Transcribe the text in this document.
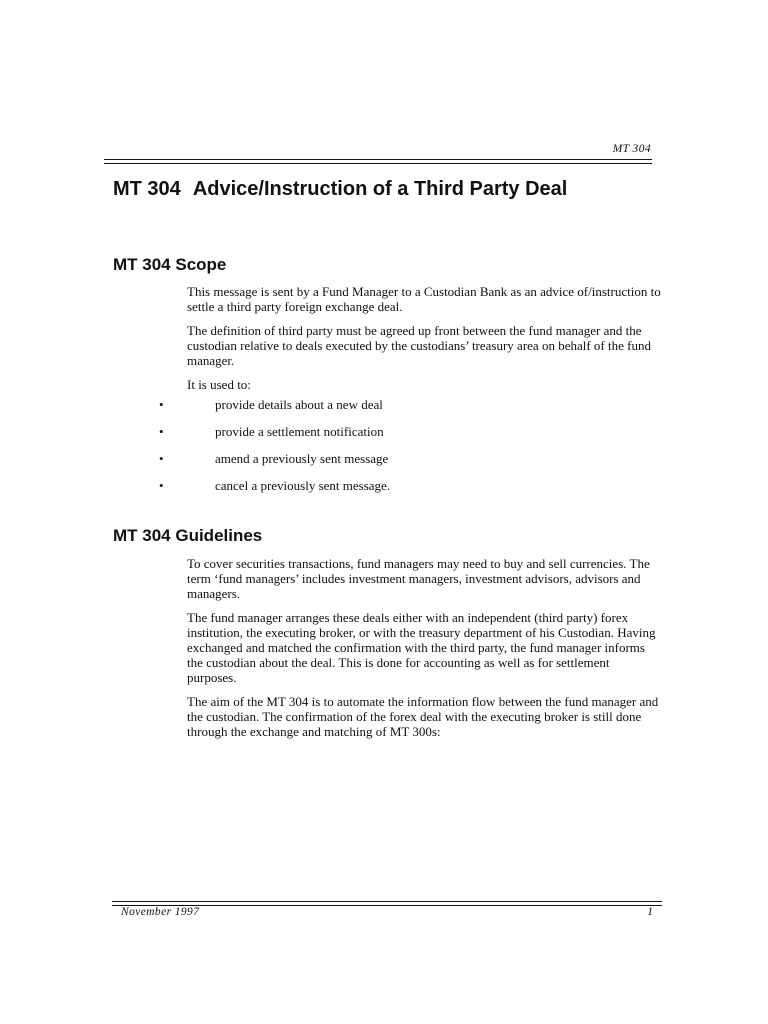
MT 304
MT 304 Advice/Instruction of a Third Party Deal
MT 304 Scope

This message is sent by a Fund Manager to a Custodian Bank as an advice of/instruction to settle a third party foreign exchange deal.

The definition of third party must be agreed up front between the fund manager and the custodian relative to deals executed by the custodians’ treasury area on behalf of the fund manager.

It is used to:

•	provide details about a new deal
•	provide a settlement notification
•	amend a previously sent message
•	cancel a previously sent message.
MT 304 Guidelines

To cover securities transactions, fund managers may need to buy and sell currencies. The term ‘fund managers’ includes investment managers, investment advisors, advisors and managers.

The fund manager arranges these deals either with an independent (third party) forex institution, the executing broker, or with the treasury department of his Custodian. Having exchanged and matched the confirmation with the third party, the fund manager informs the custodian about the deal. This is done for accounting as well as for settlement purposes.

The aim of the MT 304 is to automate the information flow between the fund manager and the custodian. The confirmation of the forex deal with the executing broker is still done through the exchange and matching of MT 300s:

November 1997	1
